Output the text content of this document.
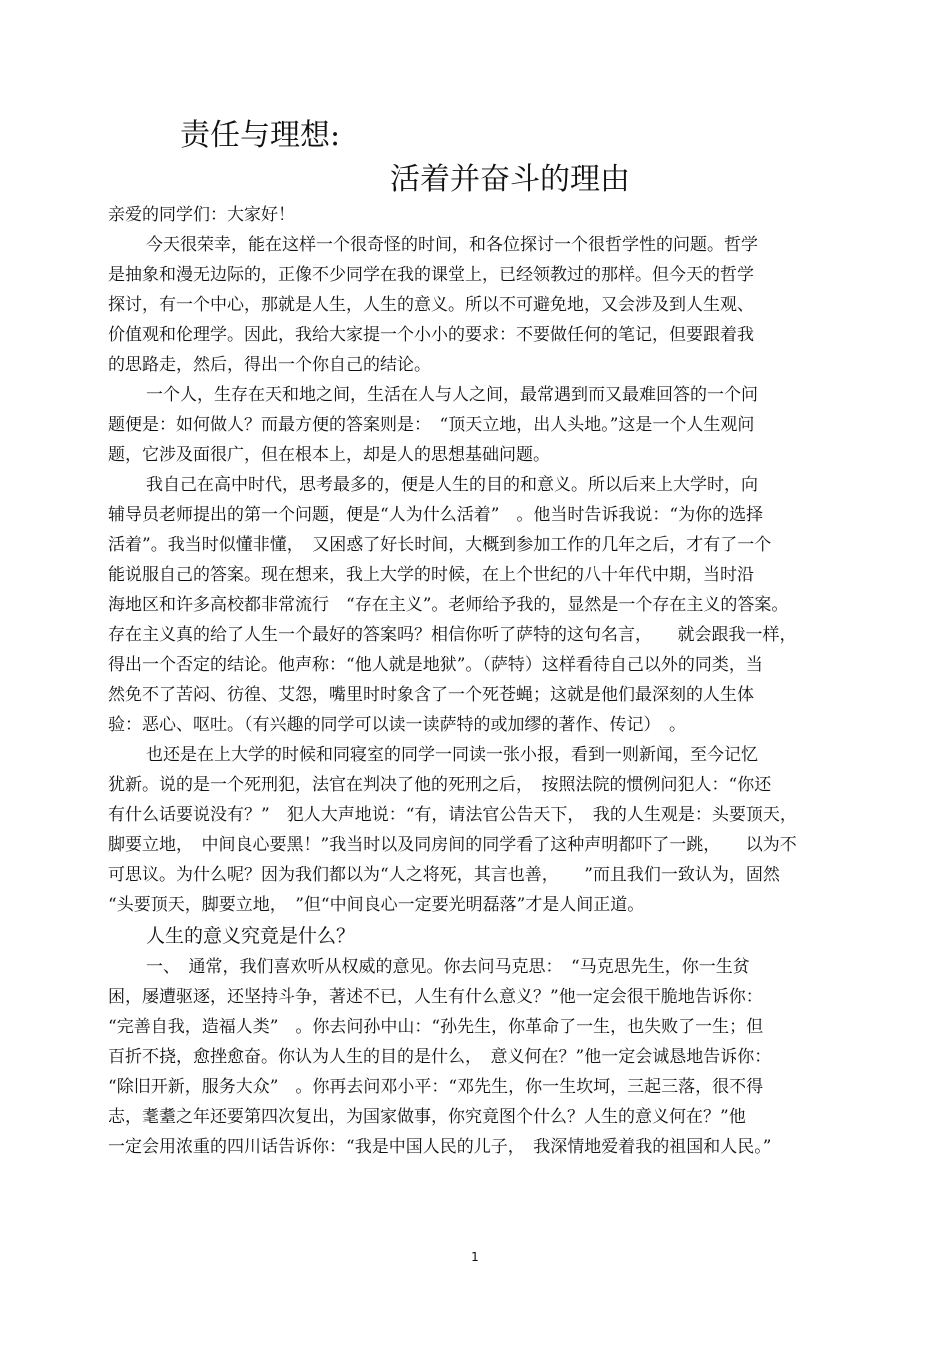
责任与理想:
活着并奋斗的理由
亲爱的同学们：大家好！
今天很荣幸，能在这样一个很奇怪的时间，和各位探讨一个很哲学性的问题。哲学
是抽象和漫无边际的，正像不少同学在我的课堂上，已经领教过的那样。但今天的哲学
探讨，有一个中心，那就是人生，人生的意义。所以不可避免地，又会涉及到人生观、
价值观和伦理学。因此，我给大家提一个小小的要求：不要做任何的笔记，但要跟着我
的思路走，然后，得出一个你自己的结论。
一个人，生存在天和地之间，生活在人与人之间，最常遇到而又最难回答的一个问
题便是：如何做人？而最方便的答案则是：　“顶天立地，出人头地。”这是一个人生观问
题，它涉及面很广，但在根本上，却是人的思想基础问题。
我自己在高中时代，思考最多的，便是人生的目的和意义。所以后来上大学时，向
辅导员老师提出的第一个问题，便是“人为什么活着”　。他当时告诉我说：“为你的选择
活着”。我当时似懂非懂，　又困惑了好长时间，大概到参加工作的几年之后，才有了一个
能说服自己的答案。现在想来，我上大学的时候，在上个世纪的八十年代中期，当时沿
海地区和许多高校都非常流行　“存在主义”。老师给予我的，显然是一个存在主义的答案。
存在主义真的给了人生一个最好的答案吗？相信你听了萨特的这句名言，　　就会跟我一样，
得出一个否定的结论。他声称：“他人就是地狱”。（萨特）这样看待自己以外的同类，当
然免不了苦闷、彷徨、艾怨，嘴里时时象含了一个死苍蝇；这就是他们最深刻的人生体
验：恶心、呕吐。（有兴趣的同学可以读一读萨特的或加缪的著作、传记）　。
也还是在上大学的时候和同寝室的同学一同读一张小报，看到一则新闻，至今记忆
犹新。说的是一个死刑犯，法官在判决了他的死刑之后，　按照法院的惯例问犯人：“你还
有什么话要说没有？”　犯人大声地说：“有，请法官公告天下，　我的人生观是：头要顶天，
脚要立地，　中间良心要黑！”我当时以及同房间的同学看了这种声明都吓了一跳，　　以为不
可思议。为什么呢？因为我们都以为“人之将死，其言也善，　　”而且我们一致认为，固然
“头要顶天，脚要立地，　”但“中间良心一定要光明磊落”才是人间正道。
人生的意义究竟是什么？
一、　通常，我们喜欢听从权威的意见。你去问马克思：　“马克思先生，你一生贫
困，屡遭驱逐，还坚持斗争，著述不已，人生有什么意义？”他一定会很干脆地告诉你：
“完善自我，造福人类”　。你去问孙中山：“孙先生，你革命了一生，也失败了一生；但
百折不挠，愈挫愈奋。你认为人生的目的是什么，　意义何在？”他一定会诚恳地告诉你：
“除旧开新，服务大众”　。你再去问邓小平：“邓先生，你一生坎坷，三起三落，很不得
志，耄耋之年还要第四次复出，为国家做事，你究竟图个什么？人生的意义何在？”他
一定会用浓重的四川话告诉你：“我是中国人民的儿子，　我深情地爱着我的祖国和人民。”
1
